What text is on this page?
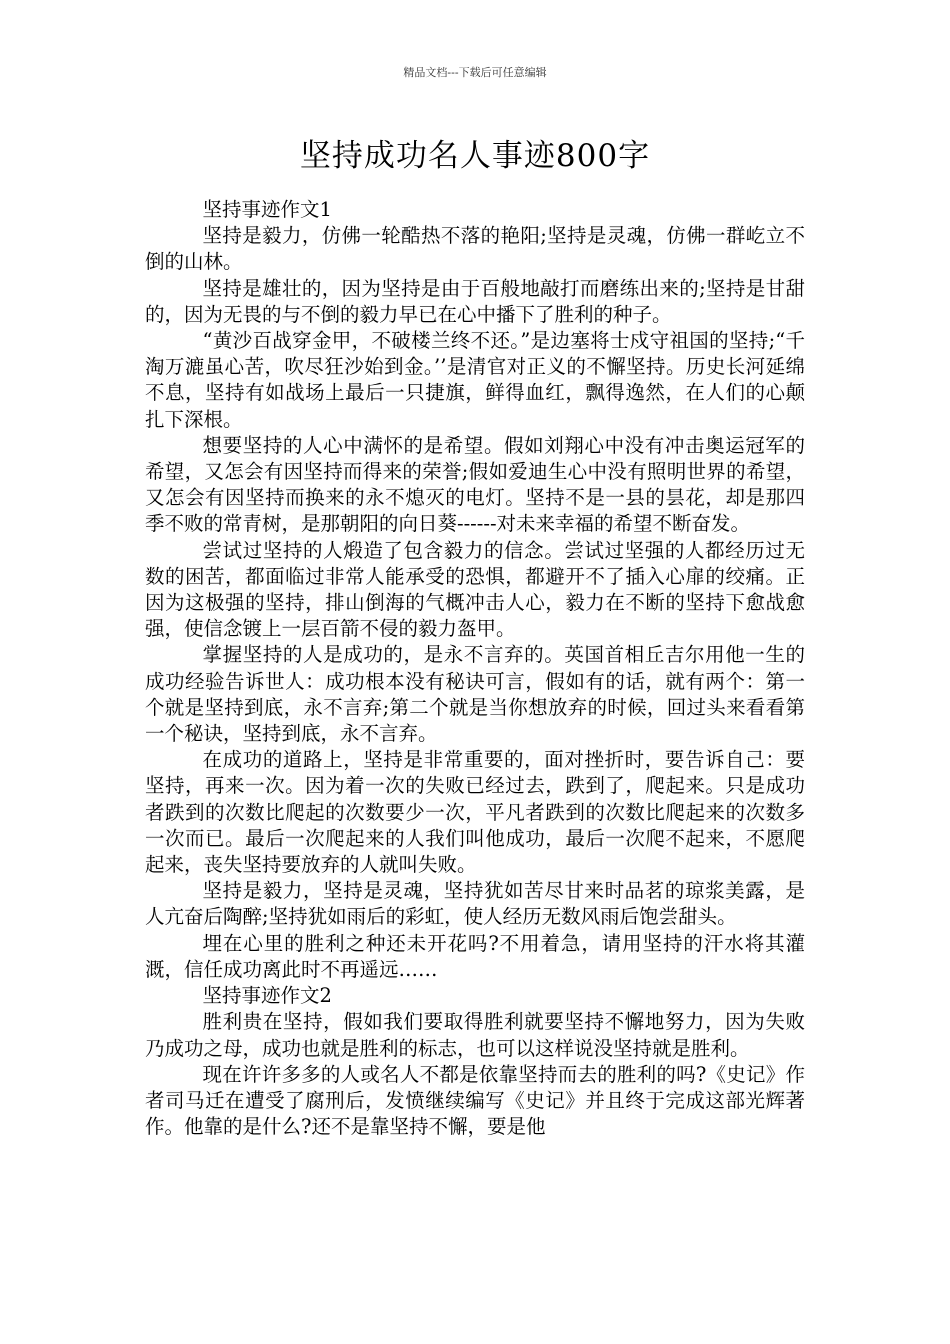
精品文档---下载后可任意编辑
坚持成功名人事迹800字

坚持事迹作文1

坚持是毅力，仿佛一轮酷热不落的艳阳;坚持是灵魂，仿佛一群屹立不倒的山林。

坚持是雄壮的，因为坚持是由于百般地敲打而磨练出来的;坚持是甘甜的，因为无畏的与不倒的毅力早已在心中播下了胜利的种子。

“黄沙百战穿金甲，不破楼兰终不还。”是边塞将士戍守祖国的坚持;“千淘万漉虽心苦，吹尽狂沙始到金。’’是清官对正义的不懈坚持。历史长河延绵不息，坚持有如战场上最后一只捷旗，鲜得血红，飘得逸然，在人们的心颠扎下深根。

想要坚持的人心中满怀的是希望。假如刘翔心中没有冲击奥运冠军的希望，又怎会有因坚持而得来的荣誉;假如爱迪生心中没有照明世界的希望，又怎会有因坚持而换来的永不熄灭的电灯。坚持不是一县的昙花，却是那四季不败的常青树，是那朝阳的向日葵------对未来幸福的希望不断奋发。

尝试过坚持的人煅造了包含毅力的信念。尝试过坚强的人都经历过无数的困苦，都面临过非常人能承受的恐惧，都避开不了插入心扉的绞痛。正因为这极强的坚持，排山倒海的气概冲击人心，毅力在不断的坚持下愈战愈强，使信念镀上一层百箭不侵的毅力盔甲。

掌握坚持的人是成功的，是永不言弃的。英国首相丘吉尔用他一生的成功经验告诉世人：成功根本没有秘诀可言，假如有的话，就有两个：第一个就是坚持到底，永不言弃;第二个就是当你想放弃的时候，回过头来看看第一个秘诀，坚持到底，永不言弃。

在成功的道路上，坚持是非常重要的，面对挫折时，要告诉自己：要坚持，再来一次。因为着一次的失败已经过去，跌到了，爬起来。只是成功者跌到的次数比爬起的次数要少一次，平凡者跌到的次数比爬起来的次数多一次而已。最后一次爬起来的人我们叫他成功，最后一次爬不起来，不愿爬起来，丧失坚持要放弃的人就叫失败。

坚持是毅力，坚持是灵魂，坚持犹如苦尽甘来时品茗的琼浆美露，是人亢奋后陶醉;坚持犹如雨后的彩虹，使人经历无数风雨后饱尝甜头。

埋在心里的胜利之种还未开花吗?不用着急，请用坚持的汗水将其灌溉，信任成功离此时不再遥远……

坚持事迹作文2

胜利贵在坚持，假如我们要取得胜利就要坚持不懈地努力，因为失败乃成功之母，成功也就是胜利的标志，也可以这样说没坚持就是胜利。

现在许许多多的人或名人不都是依靠坚持而去的胜利的吗?《史记》作者司马迁在遭受了腐刑后，发愤继续编写《史记》并且终于完成这部光辉著作。他靠的是什么?还不是靠坚持不懈，要是他
